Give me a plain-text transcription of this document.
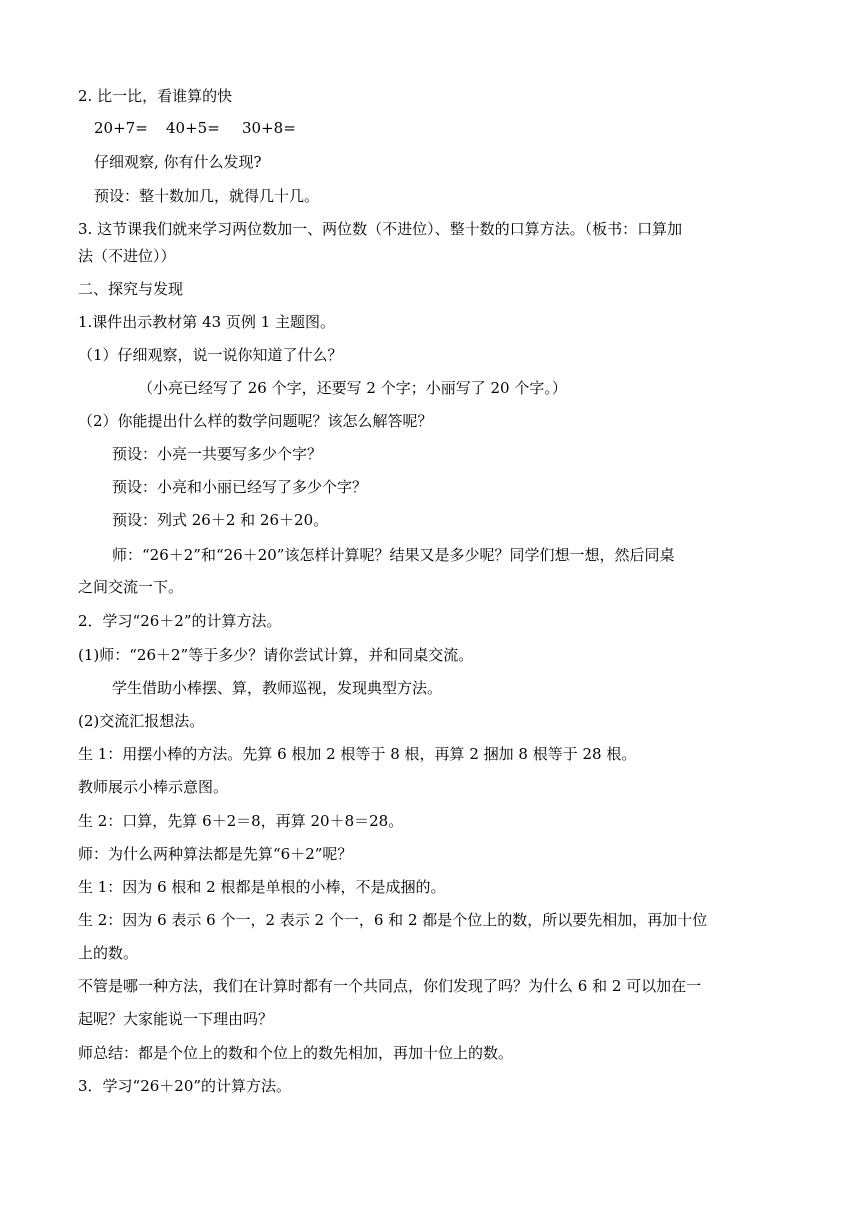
2. 比一比，看谁算的快
20+7= 40+5= 30+8=
仔细观察, 你有什么发现?
预设：整十数加几，就得几十几。
3. 这节课我们就来学习两位数加一、两位数（不进位）、整十数的口算方法。（板书：口算加
法（不进位））
二、探究与发现
1.课件出示教材第 43 页例 1 主题图。
（1）仔细观察，说一说你知道了什么？
（小亮已经写了 26 个字，还要写 2 个字；小丽写了 20 个字。）
（2）你能提出什么样的数学问题呢？该怎么解答呢？
预设：小亮一共要写多少个字？
预设：小亮和小丽已经写了多少个字？
预设：列式 26＋2 和 26＋20。
师：“26＋2”和“26＋20”该怎样计算呢？结果又是多少呢？同学们想一想，然后同桌
之间交流一下。
2．学习“26＋2”的计算方法。
(1)师：“26＋2”等于多少？请你尝试计算，并和同桌交流。
学生借助小棒摆、算，教师巡视，发现典型方法。
(2)交流汇报想法。
生 1：用摆小棒的方法。先算 6 根加 2 根等于 8 根，再算 2 捆加 8 根等于 28 根。
教师展示小棒示意图。
生 2：口算，先算 6＋2＝8，再算 20＋8＝28。
师：为什么两种算法都是先算“6＋2”呢？
生 1：因为 6 根和 2 根都是单根的小棒，不是成捆的。
生 2：因为 6 表示 6 个一，2 表示 2 个一，6 和 2 都是个位上的数，所以要先相加，再加十位
上的数。
不管是哪一种方法，我们在计算时都有一个共同点，你们发现了吗？为什么 6 和 2 可以加在一
起呢？大家能说一下理由吗？
师总结：都是个位上的数和个位上的数先相加，再加十位上的数。
3．学习“26＋20”的计算方法。
